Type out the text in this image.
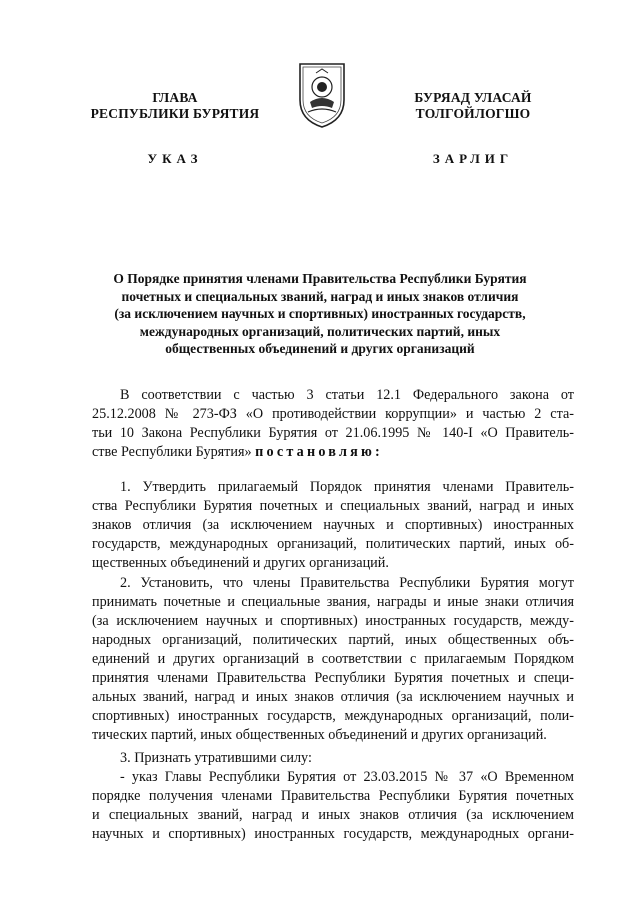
ГЛАВА
РЕСПУБЛИКИ БУРЯТИЯ
УКАЗ
БУРЯАД УЛАСАЙ
ТОЛГОЙЛОГШО
ЗАРЛИГ
О Порядке принятия членами Правительства Республики Бурятия
почетных и специальных званий, наград и иных знаков отличия
(за исключением научных и спортивных) иностранных государств,
международных организаций, политических партий, иных
общественных объединений и других организаций
В соответствии с частью 3 статьи 12.1 Федерального закона от
25.12.2008 № 273-ФЗ «О противодействии коррупции» и частью 2 ста-
тьи 10 Закона Республики Бурятия от 21.06.1995 № 140-I «О Правитель-
стве Республики Бурятия» постановляю:
1. Утвердить прилагаемый Порядок принятия членами Правитель-
ства Республики Бурятия почетных и специальных званий, наград и иных
знаков отличия (за исключением научных и спортивных) иностранных
государств, международных организаций, политических партий, иных об-
щественных объединений и других организаций.
2. Установить, что члены Правительства Республики Бурятия могут
принимать почетные и специальные звания, награды и иные знаки отличия
(за исключением научных и спортивных) иностранных государств, между-
народных организаций, политических партий, иных общественных объ-
единений и других организаций в соответствии с прилагаемым Порядком
принятия членами Правительства Республики Бурятия почетных и специ-
альных званий, наград и иных знаков отличия (за исключением научных и
спортивных) иностранных государств, международных организаций, поли-
тических партий, иных общественных объединений и других организаций.
3. Признать утратившими силу:
- указ Главы Республики Бурятия от 23.03.2015 № 37 «О Временном
порядке получения членами Правительства Республики Бурятия почетных
и специальных званий, наград и иных знаков отличия (за исключением
научных и спортивных) иностранных государств, международных органи-
